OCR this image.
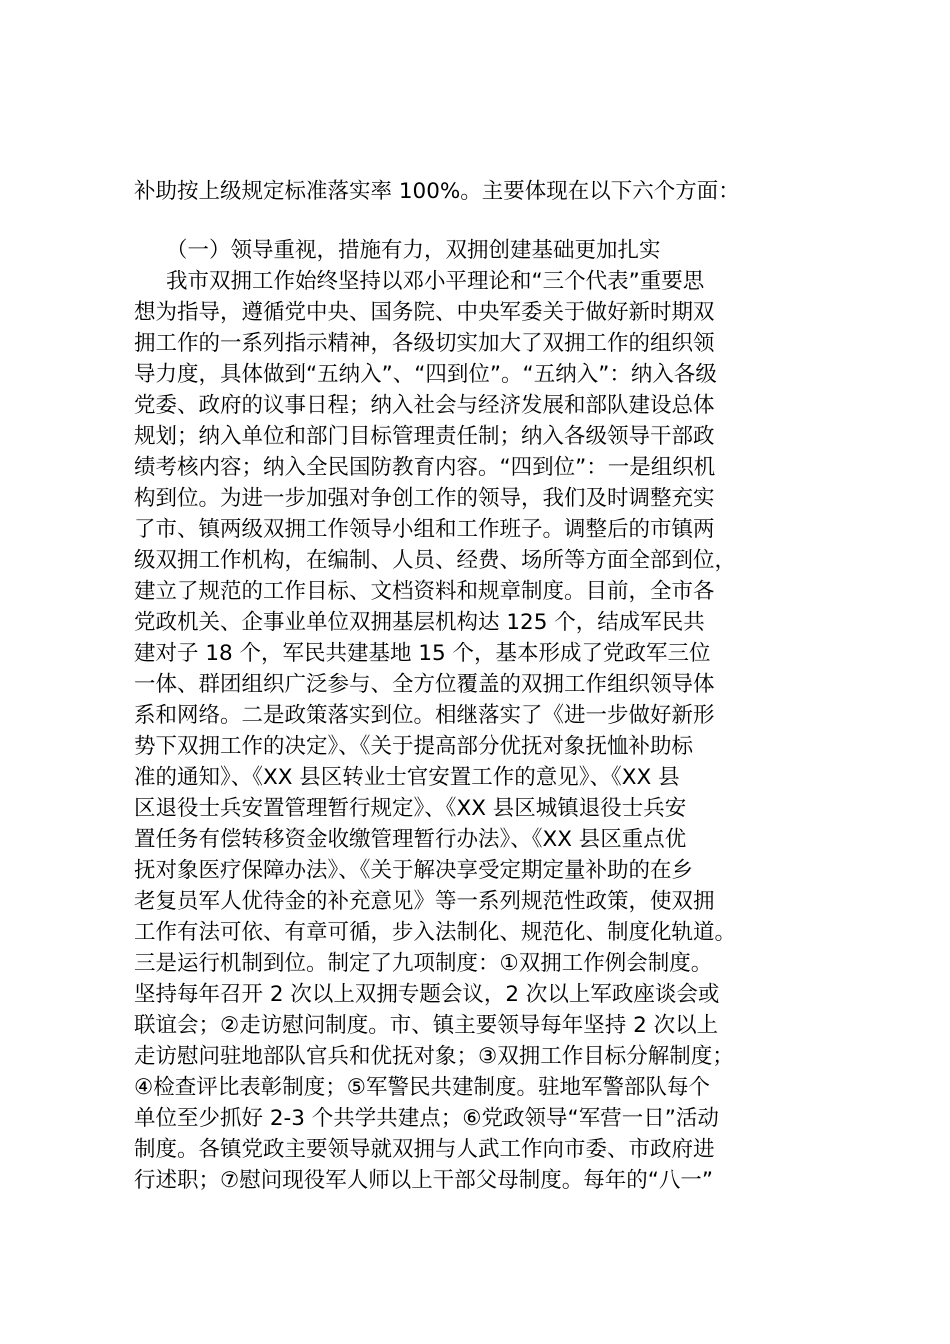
补助按上级规定标准落实率 100%。主要体现在以下六个方面：
（一）领导重视，措施有力，双拥创建基础更加扎实
我市双拥工作始终坚持以邓小平理论和“三个代表”重要思
想为指导，遵循党中央、国务院、中央军委关于做好新时期双
拥工作的一系列指示精神，各级切实加大了双拥工作的组织领
导力度，具体做到“五纳入”、“四到位”。“五纳入”：纳入各级
党委、政府的议事日程；纳入社会与经济发展和部队建设总体
规划；纳入单位和部门目标管理责任制；纳入各级领导干部政
绩考核内容；纳入全民国防教育内容。“四到位”：一是组织机
构到位。为进一步加强对争创工作的领导，我们及时调整充实
了市、镇两级双拥工作领导小组和工作班子。调整后的市镇两
级双拥工作机构，在编制、人员、经费、场所等方面全部到位，
建立了规范的工作目标、文档资料和规章制度。目前，全市各
党政机关、企事业单位双拥基层机构达 125 个，结成军民共
建对子 18 个，军民共建基地 15 个，基本形成了党政军三位
一体、群团组织广泛参与、全方位覆盖的双拥工作组织领导体
系和网络。二是政策落实到位。相继落实了《进一步做好新形
势下双拥工作的决定》、《关于提高部分优抚对象抚恤补助标
准的通知》、《XX 县区转业士官安置工作的意见》、《XX 县
区退役士兵安置管理暂行规定》、《XX 县区城镇退役士兵安
置任务有偿转移资金收缴管理暂行办法》、《XX 县区重点优
抚对象医疗保障办法》、《关于解决享受定期定量补助的在乡
老复员军人优待金的补充意见》等一系列规范性政策，使双拥
工作有法可依、有章可循，步入法制化、规范化、制度化轨道。
三是运行机制到位。制定了九项制度：①双拥工作例会制度。
坚持每年召开 2 次以上双拥专题会议，2 次以上军政座谈会或
联谊会；②走访慰问制度。市、镇主要领导每年坚持 2 次以上
走访慰问驻地部队官兵和优抚对象；③双拥工作目标分解制度；
④检查评比表彰制度；⑤军警民共建制度。驻地军警部队每个
单位至少抓好 2-3 个共学共建点；⑥党政领导“军营一日”活动
制度。各镇党政主要领导就双拥与人武工作向市委、市政府进
行述职；⑦慰问现役军人师以上干部父母制度。每年的“八一”
